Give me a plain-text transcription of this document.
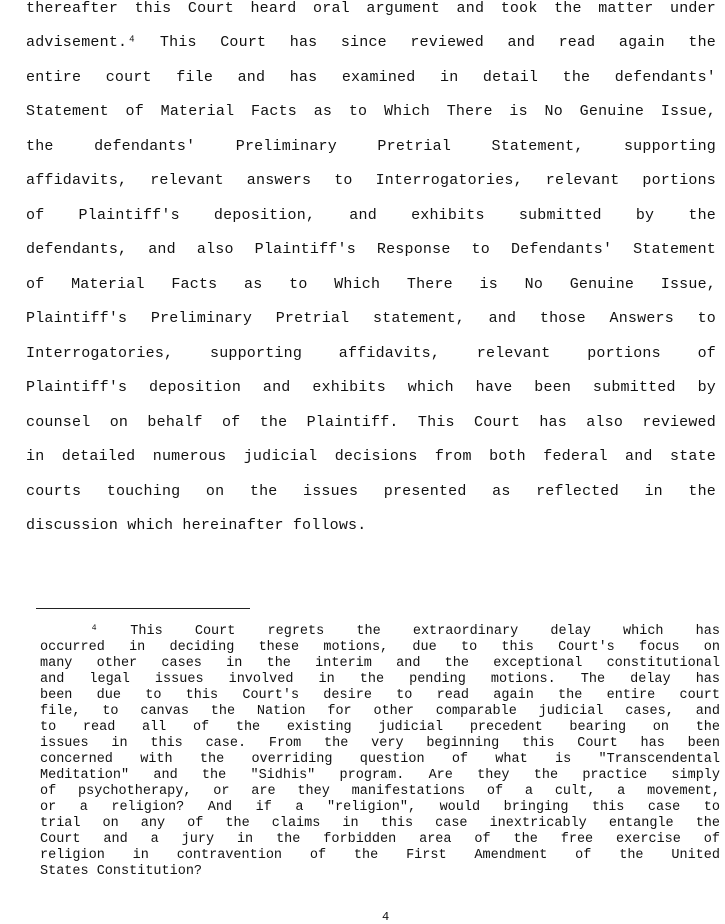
thereafter this Court heard oral argument and took the matter under
advisement.⁴ This Court has since reviewed and read again the
entire court file and has examined in detail the defendants'
Statement of Material Facts as to Which There is No Genuine Issue,
the defendants' Preliminary Pretrial Statement, supporting
affidavits, relevant answers to Interrogatories, relevant portions
of Plaintiff's deposition, and exhibits submitted by the
defendants, and also Plaintiff's Response to Defendants' Statement
of Material Facts as to Which There is No Genuine Issue,
Plaintiff's Preliminary Pretrial statement, and those Answers to
Interrogatories, supporting affidavits, relevant portions of
Plaintiff's deposition and exhibits which have been submitted by
counsel on behalf of the Plaintiff. This Court has also reviewed
in detailed numerous judicial decisions from both federal and state
courts touching on the issues presented as reflected in the
discussion which hereinafter follows.
⁴ This Court regrets the extraordinary delay which has
occurred in deciding these motions, due to this Court's focus on
many other cases in the interim and the exceptional constitutional
and legal issues involved in the pending motions. The delay has
been due to this Court's desire to read again the entire court
file, to canvas the Nation for other comparable judicial cases, and
to read all of the existing judicial precedent bearing on the
issues in this case. From the very beginning this Court has been
concerned with the overriding question of what is "Transcendental
Meditation" and the "Sidhis" program. Are they the practice simply
of psychotherapy, or are they manifestations of a cult, a movement,
or a religion? And if a "religion", would bringing this case to
trial on any of the claims in this case inextricably entangle the
Court and a jury in the forbidden area of the free exercise of
religion in contravention of the First Amendment of the United
States Constitution?
4
